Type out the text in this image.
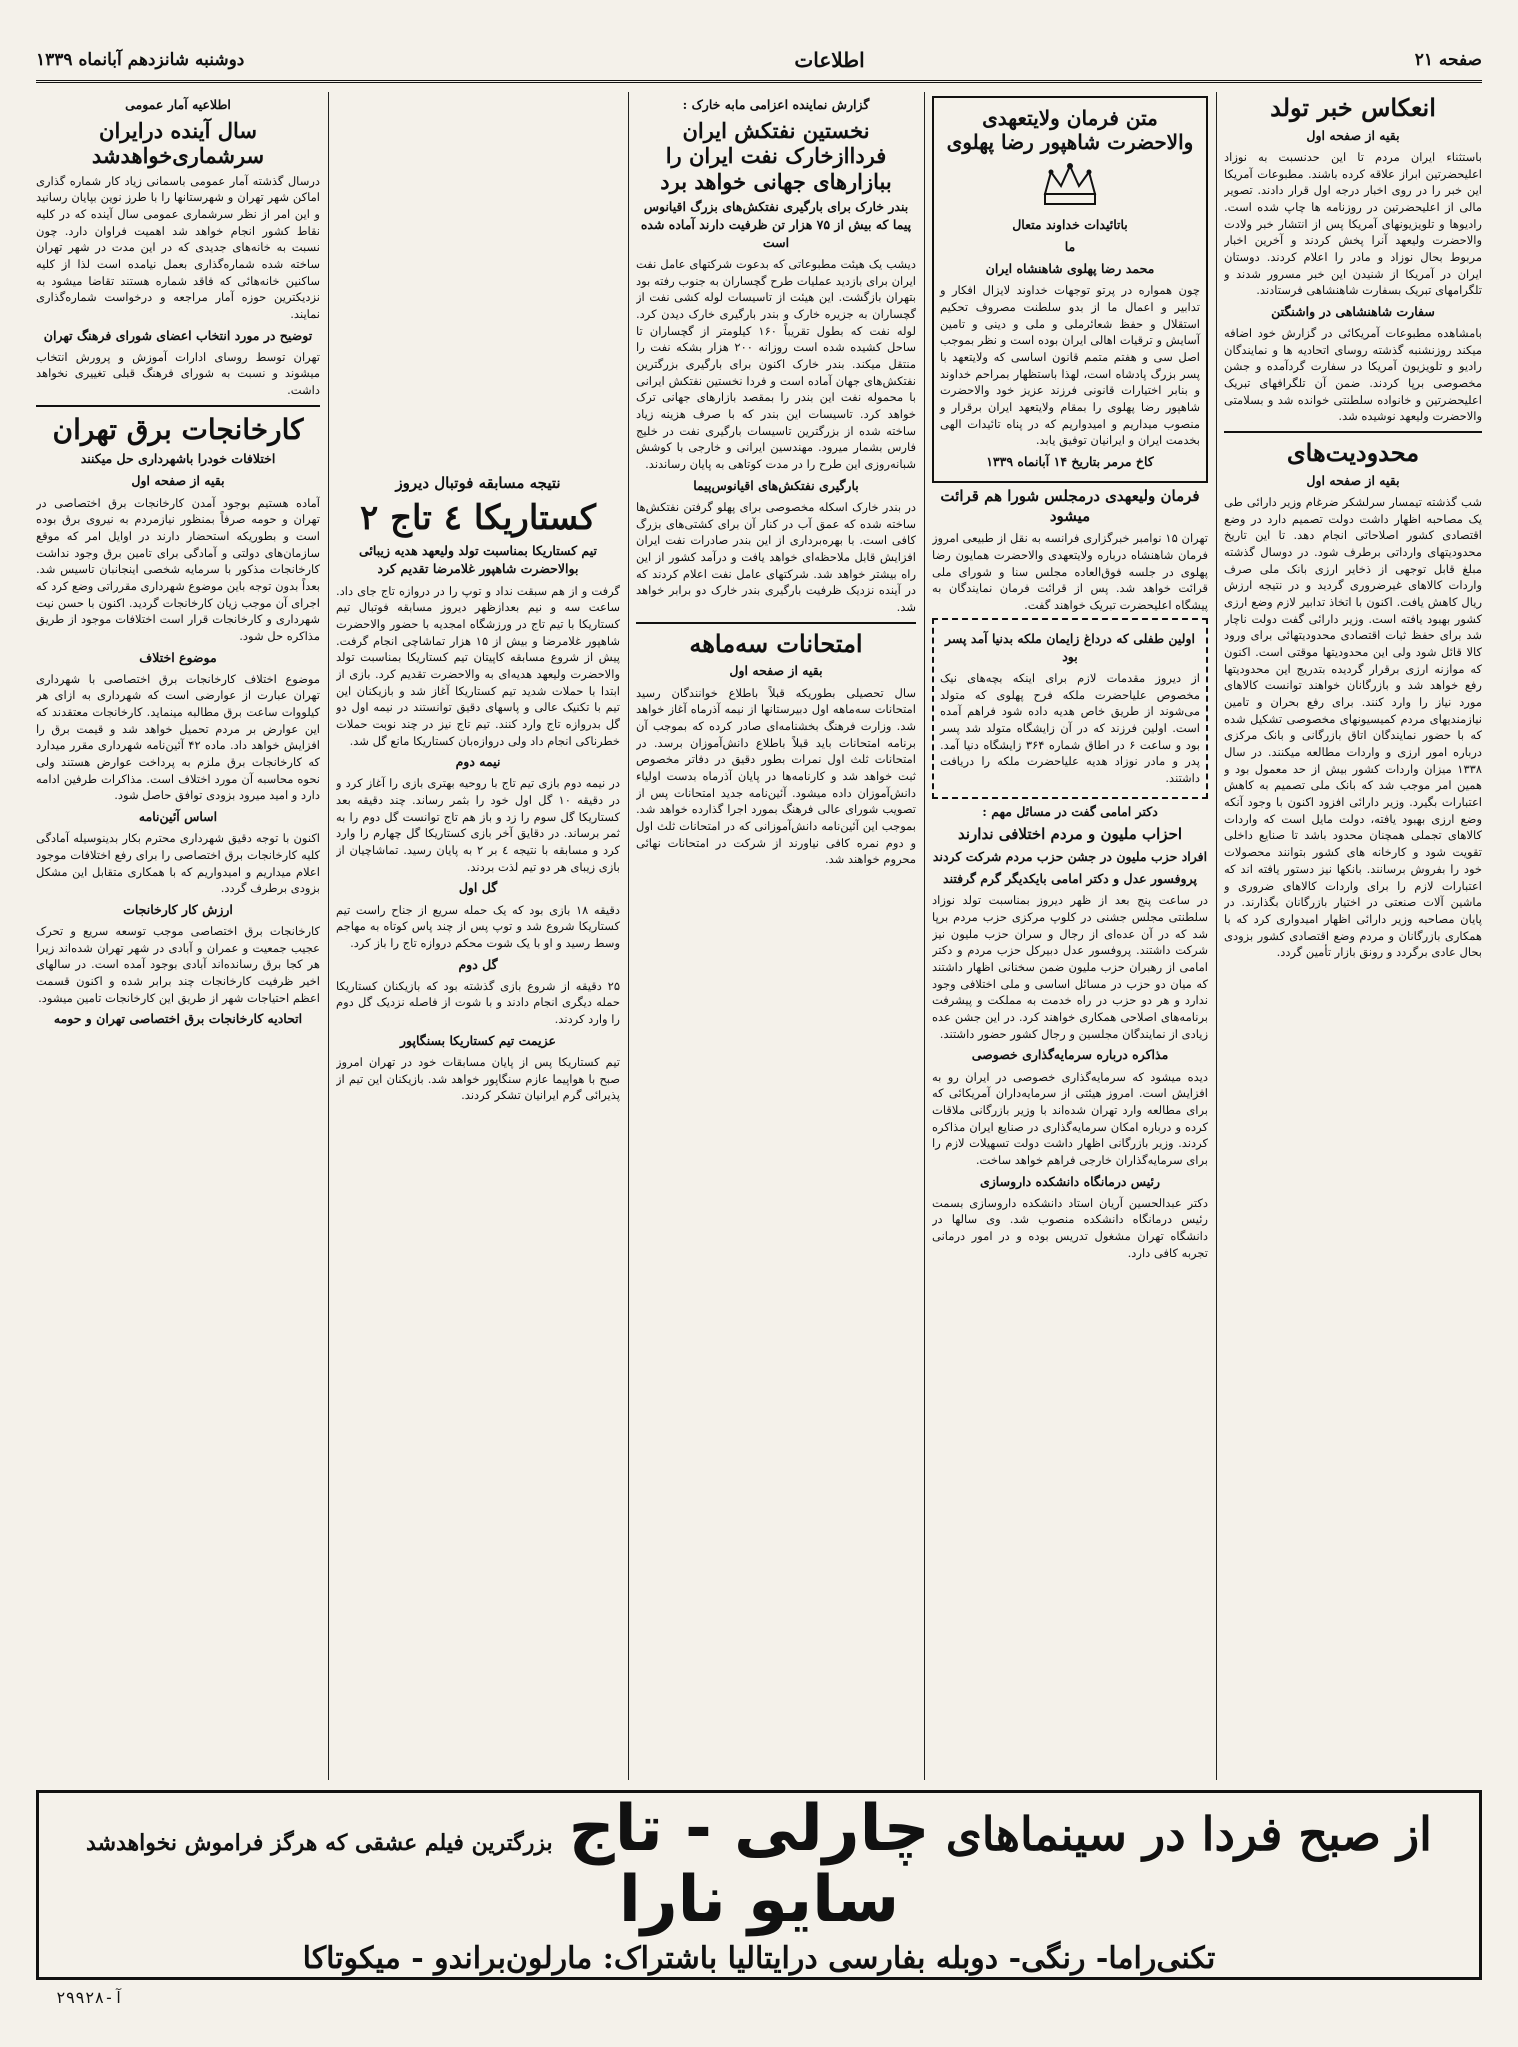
صفحه ۲۱
اطلاعات
دوشنبه شانزدهم آبانماه ۱۳۳۹
انعکاس خبر تولد
بقیه از صفحه اول

باستثناء ایران مردم تا این حدنسبت به نوزاد اعلیحضرتین ابراز علاقه کرده باشند. مطبوعات آمریکا این خبر را در روی اخبار درجه اول قرار دادند. تصویر مالی از اعلیحضرتین در روزنامه ها چاپ شده است. رادیوها و تلویزیونهای آمریکا پس از انتشار خبر ولادت والاحضرت ولیعهد آنرا پخش کردند و آخرین اخبار مربوط بحال نوزاد و مادر را اعلام کردند. دوستان ایران در آمریکا از شنیدن این خبر مسرور شدند و تلگرامهای تبریک بسفارت شاهنشاهی فرستادند.

سفارت شاهنشاهی در واشنگتن

بامشاهده مطبوعات آمریکائی در گزارش خود اضافه میکند روزنشنبه گذشته روسای اتحادیه ها و نمایندگان رادیو و تلویزیون آمریکا در سفارت گردآمده و جشن مخصوصی برپا کردند. ضمن آن تلگرافهای تبریک اعلیحضرتین و خانواده سلطنتی خوانده شد و بسلامتی والاحضرت ولیعهد نوشیده شد.

محدودیت‌های
بقیه از صفحه اول

شب گذشته تیمسار سرلشکر ضرغام وزیر دارائی طی یک مصاحبه اظهار داشت دولت تصمیم دارد در وضع اقتصادی کشور اصلاحاتی انجام دهد. تا این تاریخ محدودیتهای وارداتی برطرف شود. در دوسال گذشته مبلغ قابل توجهی از ذخایر ارزی بانک ملی صرف واردات کالاهای غیرضروری گردید و در نتیجه ارزش ریال کاهش یافت. اکنون با اتخاذ تدابیر لازم وضع ارزی کشور بهبود یافته است. وزیر دارائی گفت دولت ناچار شد برای حفظ ثبات اقتصادی محدودیتهائی برای ورود کالا قائل شود ولی این محدودیتها موقتی است. اکنون که موازنه ارزی برقرار گردیده بتدریج این محدودیتها رفع خواهد شد و بازرگانان خواهند توانست کالاهای مورد نیاز را وارد کنند. برای رفع بحران و تامین نیازمندیهای مردم کمیسیونهای مخصوصی تشکیل شده که با حضور نمایندگان اتاق بازرگانی و بانک مرکزی درباره امور ارزی و واردات مطالعه میکنند. در سال ۱۳۳۸ میزان واردات کشور بیش از حد معمول بود و همین امر موجب شد که بانک ملی تصمیم به کاهش اعتبارات بگیرد. وزیر دارائی افزود اکنون با وجود آنکه وضع ارزی بهبود یافته، دولت مایل است که واردات کالاهای تجملی همچنان محدود باشد تا صنایع داخلی تقویت شود و کارخانه های کشور بتوانند محصولات خود را بفروش برسانند. بانکها نیز دستور یافته اند که اعتبارات لازم را برای واردات کالاهای ضروری و ماشین آلات صنعتی در اختیار بازرگانان بگذارند. در پایان مصاحبه وزیر دارائی اظهار امیدواری کرد که با همکاری بازرگانان و مردم وضع اقتصادی کشور بزودی بحال عادی برگردد و رونق بازار تأمین گردد.

متن فرمان ولایتعهدی والاحضرت شاهپور رضا پهلوی
باتائیدات خداوند متعال
ما
محمد رضا پهلوی شاهنشاه ایران

چون همواره در پرتو توجهات خداوند لایزال افکار و تدابیر و اعمال ما از بدو سلطنت مصروف تحکیم استقلال و حفظ شعائرملی و ملی و دینی و تامین آسایش و ترقیات اهالی ایران بوده است و نظر بموجب اصل سی و هفتم متمم قانون اساسی که ولایتعهد با پسر بزرگ پادشاه است، لهذا باستظهار بمراحم خداوند و بنابر اختیارات قانونی فرزند عزیز خود والاحضرت شاهپور رضا پهلوی را بمقام ولایتعهد ایران برقرار و منصوب میداریم و امیدواریم که در پناه تائیدات الهی بخدمت ایران و ایرانیان توفیق یابد.

کاخ مرمر بتاریخ ۱۴ آبانماه ۱۳۳۹
فرمان ولیعهدی درمجلس شورا هم قرائت میشود

تهران ۱۵ نوامبر خبرگزاری فرانسه به نقل از طبیعی امروز فرمان شاهنشاه درباره ولایتعهدی والاحضرت همایون رضا پهلوی در جلسه فوق‌العاده مجلس سنا و شورای ملی قرائت خواهد شد. پس از قرائت فرمان نمایندگان به پیشگاه اعلیحضرت تبریک خواهند گفت.

اولین طفلی که درداغ زایمان ملکه بدنیا آمد پسر بود

از دیروز مقدمات لازم برای اینکه بچه‌های نیک مخصوص علیاحضرت ملکه فرح پهلوی که متولد می‌شوند از طریق خاص هدیه داده شود فراهم آمده است. اولین فرزند که در آن زایشگاه متولد شد پسر بود و ساعت ۶ در اطاق شماره ۳۶۴ زایشگاه دنیا آمد. پدر و مادر نوزاد هدیه علیاحضرت ملکه را دریافت داشتند.

دکتر امامی گفت در مسائل مهم :
احزاب ملیون و مردم اختلافی ندارند
افراد حزب ملیون در جشن حزب مردم شرکت کردند
پروفسور عدل و دکتر امامی بایکدیگر گرم گرفتند

در ساعت پنج بعد از ظهر دیروز بمناسبت تولد نوزاد سلطنتی مجلس جشنی در کلوپ مرکزی حزب مردم برپا شد که در آن عده‌ای از رجال و سران حزب ملیون نیز شرکت داشتند. پروفسور عدل دبیرکل حزب مردم و دکتر امامی از رهبران حزب ملیون ضمن سخنانی اظهار داشتند که میان دو حزب در مسائل اساسی و ملی اختلافی وجود ندارد و هر دو حزب در راه خدمت به مملکت و پیشرفت برنامه‌های اصلاحی همکاری خواهند کرد. در این جشن عده زیادی از نمایندگان مجلسین و رجال کشور حضور داشتند.

مذاکره درباره سرمایه‌گذاری خصوصی

دیده میشود که سرمایه‌گذاری خصوصی در ایران رو به افزایش است. امروز هیئتی از سرمایه‌داران آمریکائی که برای مطالعه وارد تهران شده‌اند با وزیر بازرگانی ملاقات کرده و درباره امکان سرمایه‌گذاری در صنایع ایران مذاکره کردند. وزیر بازرگانی اظهار داشت دولت تسهیلات لازم را برای سرمایه‌گذاران خارجی فراهم خواهد ساخت.

رئیس درمانگاه دانشکده داروسازی

دکتر عبدالحسین آریان استاد دانشکده داروسازی بسمت رئیس درمانگاه دانشکده منصوب شد. وی سالها در دانشگاه تهران مشغول تدریس بوده و در امور درمانی تجربه کافی دارد.

گزارش نماینده اعزامی مابه خارک :
نخستین نفتکش ایران فرداازخارک نفت ایران را ببازارهای جهانی خواهد برد
بندر خارک برای بارگیری نفتکش‌های بزرگ اقیانوس پیما که بیش از ۷۵ هزار تن ظرفیت دارند آماده شده است

دیشب یک هیئت مطبوعاتی که بدعوت شرکتهای عامل نفت ایران برای بازدید عملیات طرح گچساران به جنوب رفته بود بتهران بازگشت. این هیئت از تاسیسات لوله کشی نفت از گچساران به جزیره خارک و بندر بارگیری خارک دیدن کرد. لوله نفت که بطول تقریباً ۱۶۰ کیلومتر از گچساران تا ساحل کشیده شده است روزانه ۲۰۰ هزار بشکه نفت را منتقل میکند. بندر خارک اکنون برای بارگیری بزرگترین نفتکش‌های جهان آماده است و فردا نخستین نفتکش ایرانی با محموله نفت این بندر را بمقصد بازارهای جهانی ترک خواهد کرد. تاسیسات این بندر که با صرف هزینه زیاد ساخته شده از بزرگترین تاسیسات بارگیری نفت در خلیج فارس بشمار میرود. مهندسین ایرانی و خارجی با کوشش شبانه‌روزی این طرح را در مدت کوتاهی به پایان رساندند.

بارگیری نفتکش‌های اقیانوس‌پیما

در بندر خارک اسکله مخصوصی برای پهلو گرفتن نفتکش‌ها ساخته شده که عمق آب در کنار آن برای کشتی‌های بزرگ کافی است. با بهره‌برداری از این بندر صادرات نفت ایران افزایش قابل ملاحظه‌ای خواهد یافت و درآمد کشور از این راه بیشتر خواهد شد. شرکتهای عامل نفت اعلام کردند که در آینده نزدیک ظرفیت بارگیری بندر خارک دو برابر خواهد شد.

امتحانات سه‌ماهه
بقیه از صفحه اول

سال تحصیلی بطوریکه قبلاً باطلاع خوانندگان رسید امتحانات سه‌ماهه اول دبیرستانها از نیمه آذرماه آغاز خواهد شد. وزارت فرهنگ بخشنامه‌ای صادر کرده که بموجب آن برنامه امتحانات باید قبلاً باطلاع دانش‌آموزان برسد. در امتحانات ثلث اول نمرات بطور دقیق در دفاتر مخصوص ثبت خواهد شد و کارنامه‌ها در پایان آذرماه بدست اولیاء دانش‌آموزان داده میشود. آئین‌نامه جدید امتحانات پس از تصویب شورای عالی فرهنگ بمورد اجرا گذارده خواهد شد. بموجب این آئین‌نامه دانش‌آموزانی که در امتحانات ثلث اول و دوم نمره کافی نیاورند از شرکت در امتحانات نهائی محروم خواهند شد.

نتیجه مسابقه فوتبال دیروز
کستاریکا ٤ تاج ۲
تیم کستاریکا بمناسبت تولد ولیعهد هدیه زیبائی بوالاحضرت شاهپور غلامرضا تقدیم کرد

گرفت و از هم سبقت نداد و توپ را در دروازه تاج جای داد. ساعت سه و نیم بعدازظهر دیروز مسابقه فوتبال تیم کستاریکا با تیم تاج در ورزشگاه امجدیه با حضور والاحضرت شاهپور غلامرضا و بیش از ۱۵ هزار تماشاچی انجام گرفت. پیش از شروع مسابقه کاپیتان تیم کستاریکا بمناسبت تولد والاحضرت ولیعهد هدیه‌ای به والاحضرت تقدیم کرد. بازی از ابتدا با حملات شدید تیم کستاریکا آغاز شد و بازیکنان این تیم با تکنیک عالی و پاسهای دقیق توانستند در نیمه اول دو گل بدروازه تاج وارد کنند. تیم تاج نیز در چند نوبت حملات خطرناکی انجام داد ولی دروازه‌بان کستاریکا مانع گل شد.

نیمه دوم

در نیمه دوم بازی تیم تاج با روحیه بهتری بازی را آغاز کرد و در دقیقه ۱۰ گل اول خود را بثمر رساند. چند دقیقه بعد کستاریکا گل سوم را زد و باز هم تاج توانست گل دوم را به ثمر برساند. در دقایق آخر بازی کستاریکا گل چهارم را وارد کرد و مسابقه با نتیجه ٤ بر ۲ به پایان رسید. تماشاچیان از بازی زیبای هر دو تیم لذت بردند.

گل اول

دقیقه ۱۸ بازی بود که یک حمله سریع از جناح راست تیم کستاریکا شروع شد و توپ پس از چند پاس کوتاه به مهاجم وسط رسید و او با یک شوت محکم دروازه تاج را باز کرد.

گل دوم

۲۵ دقیقه از شروع بازی گذشته بود که بازیکنان کستاریکا حمله دیگری انجام دادند و با شوت از فاصله نزدیک گل دوم را وارد کردند.

عزیمت تیم کستاریکا بسنگاپور

تیم کستاریکا پس از پایان مسابقات خود در تهران امروز صبح با هواپیما عازم سنگاپور خواهد شد. بازیکنان این تیم از پذیرائی گرم ایرانیان تشکر کردند.

اطلاعیه آمار عمومی
سال آینده درایران سرشماری‌خواهدشد

درسال گذشته آمار عمومی باسمانی زیاد کار شماره گذاری اماکن شهر تهران و شهرستانها را با طرز نوین بپایان رسانید و این امر از نظر سرشماری عمومی سال آینده که در کلیه نقاط کشور انجام خواهد شد اهمیت فراوان دارد. چون نسبت به خانه‌های جدیدی که در این مدت در شهر تهران ساخته شده شماره‌گذاری بعمل نیامده است لذا از کلیه ساکنین خانه‌هائی که فاقد شماره هستند تقاضا میشود به نزدیکترین حوزه آمار مراجعه و درخواست شماره‌گذاری نمایند.

توضیح در مورد انتخاب اعضای شورای فرهنگ تهران

تهران توسط روسای ادارات آموزش و پرورش انتخاب میشوند و نسبت به شورای فرهنگ قبلی تغییری نخواهد داشت.

کارخانجات برق تهران
اختلافات خودرا باشهرداری حل میکنند
بقیه از صفحه اول

آماده هستیم بوجود آمدن کارخانجات برق اختصاصی در تهران و حومه صرفاً بمنظور نیازمردم به نیروی برق بوده است و بطوریکه استحضار دارند در اوایل امر که موقع سازمان‌های دولتی و آمادگی برای تامین برق وجود نداشت کارخانجات مذکور با سرمایه شخصی اینجانبان تاسیس شد. بعداً بدون توجه باین موضوع شهرداری مقرراتی وضع کرد که اجرای آن موجب زیان کارخانجات گردید. اکنون با حسن نیت شهرداری و کارخانجات قرار است اختلافات موجود از طریق مذاکره حل شود.

موضوع اختلاف

موضوع اختلاف کارخانجات برق اختصاصی با شهرداری تهران عبارت از عوارضی است که شهرداری به ازای هر کیلووات ساعت برق مطالبه مینماید. کارخانجات معتقدند که این عوارض بر مردم تحمیل خواهد شد و قیمت برق را افزایش خواهد داد. ماده ۴۲ آئین‌نامه شهرداری مقرر میدارد که کارخانجات برق ملزم به پرداخت عوارض هستند ولی نحوه محاسبه آن مورد اختلاف است. مذاکرات طرفین ادامه دارد و امید میرود بزودی توافق حاصل شود.

اساس آئین‌نامه

اکنون با توجه دقیق شهرداری محترم بکار بدینوسیله آمادگی کلیه کارخانجات برق اختصاصی را برای رفع اختلافات موجود اعلام میداریم و امیدواریم که با همکاری متقابل این مشکل بزودی برطرف گردد.

ارزش کار کارخانجات

کارخانجات برق اختصاصی موجب توسعه سریع و تحرک عجیب جمعیت و عمران و آبادی در شهر تهران شده‌اند زیرا هر کجا برق رسانده‌اند آبادی بوجود آمده است. در سالهای اخیر ظرفیت کارخانجات چند برابر شده و اکنون قسمت اعظم احتیاجات شهر از طریق این کارخانجات تامین میشود.

اتحادیه کارخانجات برق اختصاصی تهران و حومه
از صبح فردا در سینماهای چارلی - تاج بزرگترین فیلم عشقی که هرگز فراموش نخواهدشد سایو نارا
تکنی‌راما- رنگی- دوبله بفارسی درایتالیا باشتراک: مارلون‌براندو - میکوتاکا
آ-۲۹۹۲۸
